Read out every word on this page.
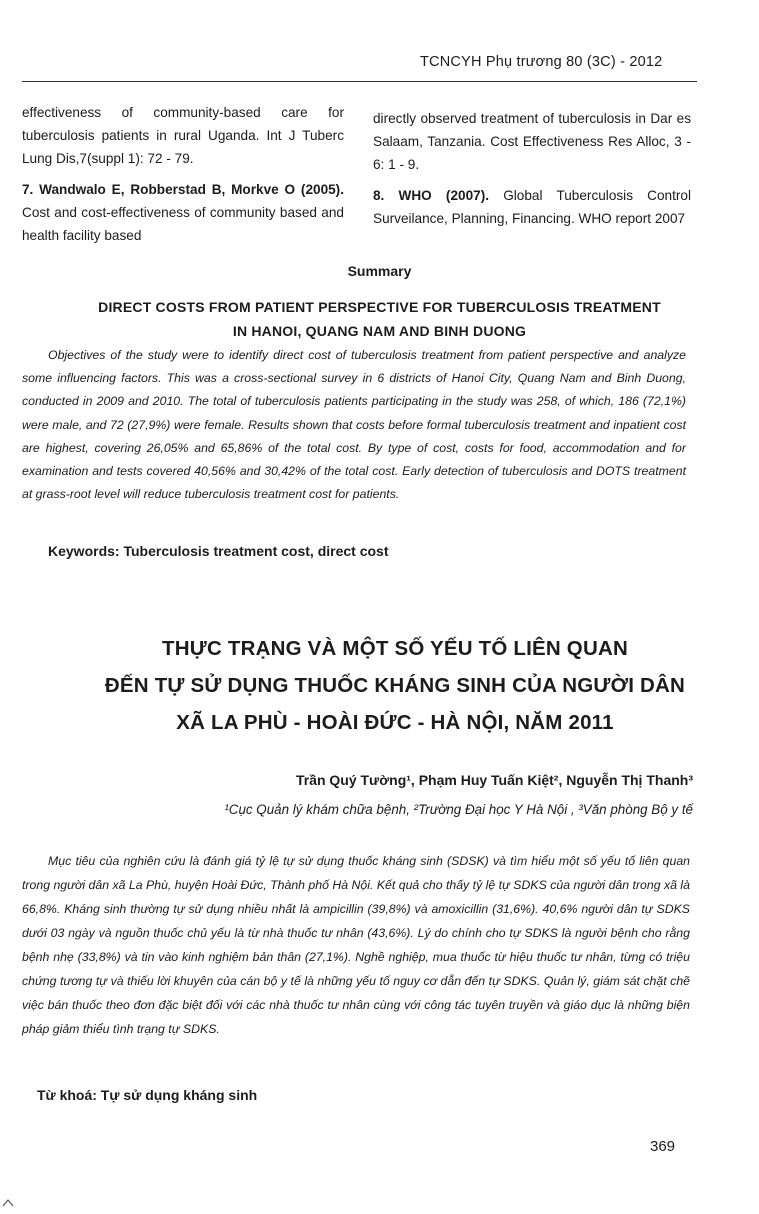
TCNCYH Phụ trương 80 (3C) - 2012

effectiveness of community-based care for tuberculosis patients in rural Uganda. Int J Tuberc Lung Dis,7(suppl 1): 72 - 79.

7. Wandwalo E, Robberstad B, Morkve O (2005). Cost and cost-effectiveness of community based and health facility based

directly observed treatment of tuberculosis in Dar es Salaam, Tanzania. Cost Effectiveness Res Alloc, 3 - 6: 1 - 9.

8. WHO (2007). Global Tuberculosis Control Surveilance, Planning, Financing. WHO report 2007

Summary
DIRECT COSTS FROM PATIENT PERSPECTIVE FOR TUBERCULOSIS TREATMENT
IN HANOI, QUANG NAM AND BINH DUONG

Objectives of the study were to identify direct cost of tuberculosis treatment from patient perspective and analyze some influencing factors. This was a cross-sectional survey in 6 districts of Hanoi City, Quang Nam and Binh Duong, conducted in 2009 and 2010. The total of tuberculosis patients participating in the study was 258, of which, 186 (72,1%) were male, and 72 (27,9%) were female. Results shown that costs before formal tuberculosis treatment and inpatient cost are highest, covering 26,05% and 65,86% of the total cost. By type of cost, costs for food, accommodation and for examination and tests covered 40,56% and 30,42% of the total cost. Early detection of tuberculosis and DOTS treatment at grass-root level will reduce tuberculosis treatment cost for patients.

Keywords: Tuberculosis treatment cost, direct cost
THỰC TRẠNG VÀ MỘT SỐ YẾU TỐ LIÊN QUAN
ĐẾN TỰ SỬ DỤNG THUỐC KHÁNG SINH CỦA NGƯỜI DÂN
XÃ LA PHÙ - HOÀI ĐỨC - HÀ NỘI, NĂM 2011
Trần Quý Tường¹, Phạm Huy Tuấn Kiệt², Nguyễn Thị Thanh³
¹Cục Quản lý khám chữa bệnh, ²Trường Đại học Y Hà Nội , ³Văn phòng Bộ y tế

Mục tiêu của nghiên cứu là đánh giá tỷ lệ tự sử dụng thuốc kháng sinh (SDSK) và tìm hiểu một số yếu tố liên quan trong người dân xã La Phù, huyện Hoài Đức, Thành phố Hà Nội. Kết quả cho thấy tỷ lệ tự SDKS của người dân trong xã là 66,8%. Kháng sinh thường tự sử dụng nhiều nhất là ampicillin (39,8%) và amoxicillin (31,6%). 40,6% người dân tự SDKS dưới 03 ngày và nguồn thuốc chủ yếu là từ nhà thuốc tư nhân (43,6%). Lý do chính cho tự SDKS là người bệnh cho rằng bệnh nhẹ (33,8%) và tin vào kinh nghiệm bản thân (27,1%). Nghề nghiệp, mua thuốc từ hiệu thuốc tư nhân, từng có triệu chứng tương tự và thiếu lời khuyên của cán bộ y tế là những yếu tố nguy cơ dẫn đến tự SDKS. Quản lý, giám sát chặt chẽ việc bán thuốc theo đơn đặc biệt đối với các nhà thuốc tư nhân cùng với công tác tuyên truyền và giáo dục là những biện pháp giảm thiểu tình trạng tự SDKS.

Từ khoá: Tự sử dụng kháng sinh
369
